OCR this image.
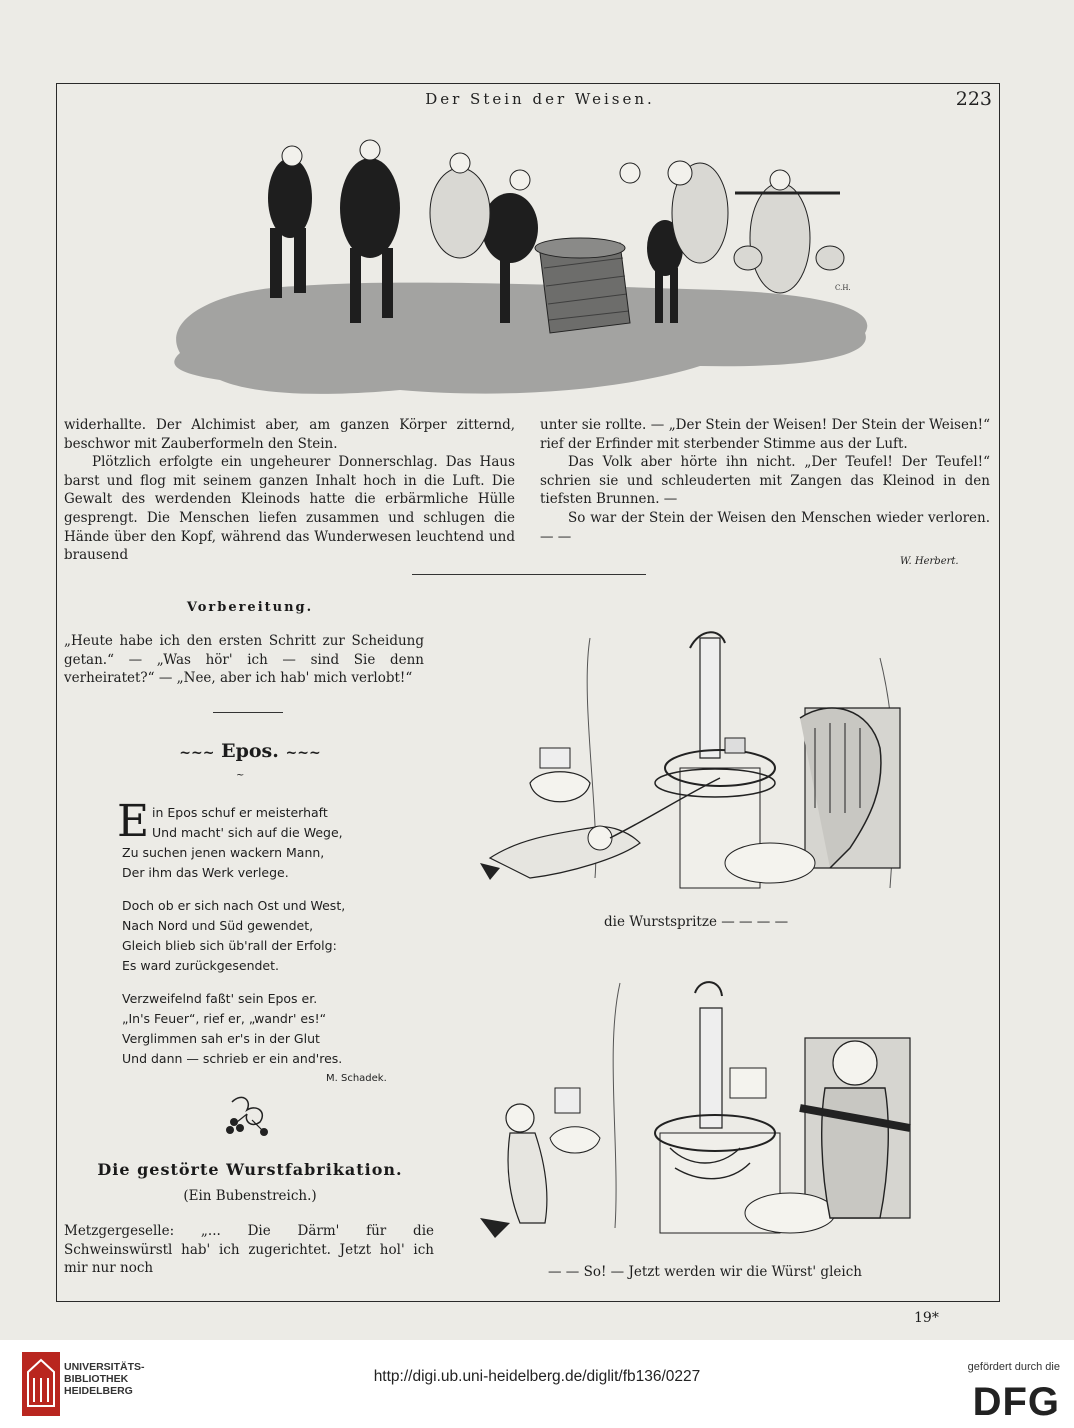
Der Stein der Weisen.	223
C.H.

widerhallte. Der Alchimist aber, am ganzen Körper zitternd, beschwor mit Zauberformeln den Stein.

Plötzlich erfolgte ein ungeheurer Donnerschlag. Das Haus barst und flog mit seinem ganzen Inhalt hoch in die Luft. Die Gewalt des werdenden Kleinods hatte die erbärmliche Hülle gesprengt. Die Menschen liefen zusammen und schlugen die Hände über den Kopf, während das Wunderwesen leuchtend und brausend

unter sie rollte. — „Der Stein der Weisen! Der Stein der Weisen!“ rief der Erfinder mit sterbender Stimme aus der Luft.

Das Volk aber hörte ihn nicht. „Der Teufel! Der Teufel!“ schrien sie und schleuderten mit Zangen das Kleinod in den tiefsten Brunnen. —

So war der Stein der Weisen den Menschen wieder verloren. — —

W. Herbert.
Vorbereitung.
„Heute habe ich den ersten Schritt zur Scheidung getan.“ — „Was hör' ich — sind Sie denn verheiratet?“ — „Nee, aber ich hab' mich verlobt!“
~~~ Epos. ~~~
~
E in Epos schuf er meisterhaft
Und macht' sich auf die Wege,
Zu suchen jenen wackern Mann,
Der ihm das Werk verlege.
Doch ob er sich nach Ost und West,
Nach Nord und Süd gewendet,
Gleich blieb sich üb'rall der Erfolg:
Es ward zurückgesendet.
Verzweifelnd faßt' sein Epos er.
„In's Feuer“, rief er, „wandr' es!“
Verglimmen sah er's in der Glut
Und dann — schrieb er ein and'res.
M. Schadek.
Die gestörte Wurstfabrikation.
(Ein Bubenstreich.)
Metzgergeselle: „... Die Därm' für die Schweinswürstl hab' ich zugerichtet. Jetzt hol' ich mir nur noch
die Wurstspritze — — — —
— — So! — Jetzt werden wir die Würst' gleich
19*
UNIVERSITÄTS-
BIBLIOTHEK
HEIDELBERG
http://digi.ub.uni-heidelberg.de/diglit/fb136/0227
gefördert durch die
DFG
